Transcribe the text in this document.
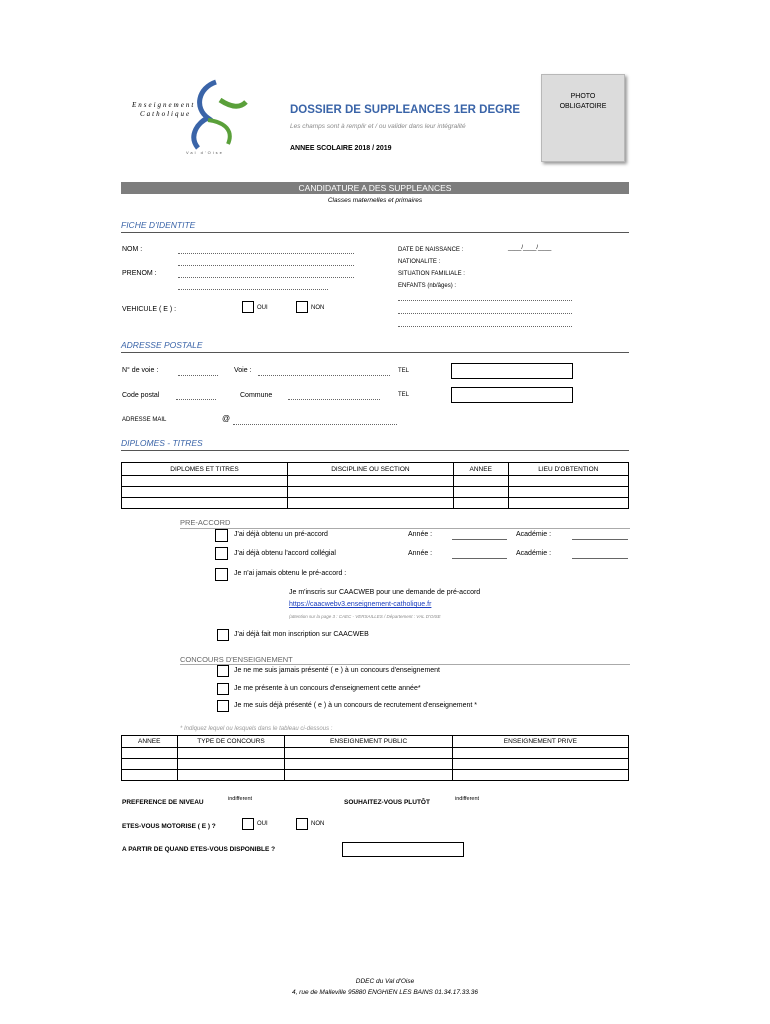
Enseignement
Catholique
Val d'Oise
DOSSIER DE SUPPLEANCES 1ER DEGRE
Les champs sont à remplir et / ou valider dans leur intégralité
ANNEE SCOLAIRE 2018 / 2019
PHOTO
OBLIGATOIRE
CANDIDATURE A DES SUPPLEANCES
Classes maternelles et primaires
FICHE D'IDENTITE
NOM :
PRENOM :
VEHICULE ( E ) :	OUI	NON
DATE DE NAISSANCE :	____/____/____
NATIONALITE :
SITUATION FAMILIALE :
ENFANTS (nb/âges) :
ADRESSE POSTALE
N° de voie :	Voie :	TEL
Code postal	Commune	TEL
ADRESSE MAIL	@
DIPLOMES - TITRES
DIPLOMES ET TITRES	DISCIPLINE OU SECTION	ANNEE	LIEU D'OBTENTION

PRE-ACCORD
J'ai déjà obtenu un pré-accord	Année :	Académie :
J'ai déjà obtenu l'accord collégial	Année :	Académie :
Je n'ai jamais obtenu le pré-accord :
Je m'inscris sur CAACWEB pour une demande de pré-accord
https://caacwebv3.enseignement-catholique.fr
(attention sur la page 3 : CAEC - VERSAILLES / Département : VAL D'OISE
J'ai déjà fait mon inscription sur CAACWEB
CONCOURS D'ENSEIGNEMENT
Je ne me suis jamais présenté ( e ) à un concours d'enseignement
Je me présente à un concours d'enseignement cette année*
Je me suis déjà présenté ( e ) à un concours de recrutement d'enseignement *
* Indiquez lequel ou lesquels dans le tableau ci-dessous :
ANNEE	TYPE DE CONCOURS	ENSEIGNEMENT PUBLIC	ENSEIGNEMENT PRIVE

PREFERENCE DE NIVEAU	indifferent	SOUHAITEZ-VOUS PLUTÔT	indifferent
ETES-VOUS MOTORISE ( E ) ?	OUI	NON
A PARTIR DE QUAND ETES-VOUS DISPONIBLE ?
DDEC du Val d'Oise
4, rue de Malleville 95880 ENGHIEN LES BAINS 01.34.17.33.36
